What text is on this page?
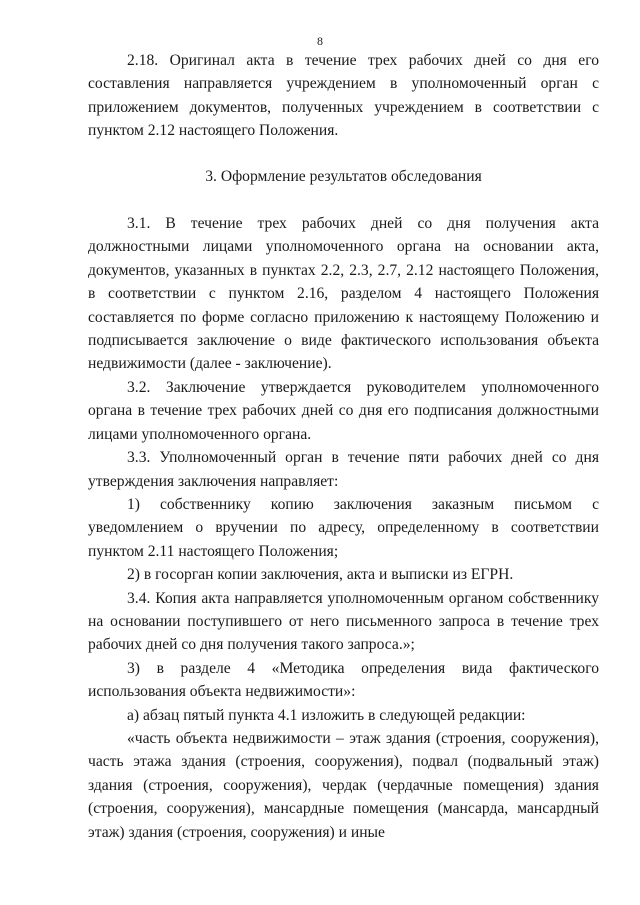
8

2.18. Оригинал акта в течение трех рабочих дней со дня его составления направляется учреждением в уполномоченный орган с приложением документов, полученных учреждением в соответствии с пунктом 2.12 настоящего Положения.

3. Оформление результатов обследования

3.1. В течение трех рабочих дней со дня получения акта должностными лицами уполномоченного органа на основании акта, документов, указанных в пунктах 2.2, 2.3, 2.7, 2.12 настоящего Положения, в соответствии с пунктом 2.16, разделом 4 настоящего Положения составляется по форме согласно приложению к настоящему Положению и подписывается заключение о виде фактического использования объекта недвижимости (далее - заключение).

3.2. Заключение утверждается руководителем уполномоченного органа в течение трех рабочих дней со дня его подписания должностными лицами уполномоченного органа.

3.3. Уполномоченный орган в течение пяти рабочих дней со дня утверждения заключения направляет:

1) собственнику копию заключения заказным письмом с уведомлением о вручении по адресу, определенному в соответствии пунктом 2.11 настоящего Положения;

2) в госорган копии заключения, акта и выписки из ЕГРН.

3.4. Копия акта направляется уполномоченным органом собственнику на основании поступившего от него письменного запроса в течение трех рабочих дней со дня получения такого запроса.»;

3) в разделе 4 «Методика определения вида фактического использования объекта недвижимости»:

а) абзац пятый пункта 4.1 изложить в следующей редакции:

«часть объекта недвижимости – этаж здания (строения, сооружения), часть этажа здания (строения, сооружения), подвал (подвальный этаж) здания (строения, сооружения), чердак (чердачные помещения) здания (строения, сооружения), мансардные помещения (мансарда, мансардный этаж) здания (строения, сооружения) и иные
